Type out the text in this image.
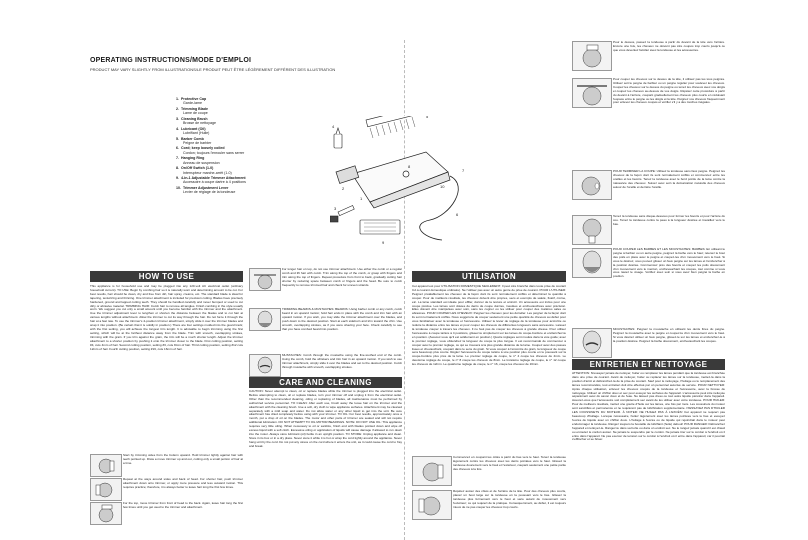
OPERATING INSTRUCTIONS/MODE D'EMPLOI
PRODUCT MAY VARY SLIGHTLY FROM ILLUSTRATIONS/LE PRODUIT PEUT ÊTRE LÉGÈREMENT DIFFÉRENT DES ILLUSTRATION
1. Protective Cap
Garde-lame
2. Trimming Blade
Lame de coupe
3. Cleaning Brush
Brosse de nettoyage
4. Lubricant (Oil)
Lubrifiant (Huile)
5. Barber Comb
Peigne de barbier
6. Cord; keep loosely coiled
Cordon; toujours l'enrouler sans serrer
7. Hanging Ring
Anneau de suspension
8. On/Off Switch (1-0)
Interrupteur marche-arrêt (1-0)
9. 4-in-1 Adjustable Trimmer Attachment
Accessoire à coupe dartre à 4 positions
10. Trimmer Adjustment Lever
Levier de réglage de la tondeuse
1
2
3
4
5
6
7
8
9
10
HOW TO USE
This appliance is for household use and may be plugged into any 120-volt AC electrical outlet (ordinary household current). TO USE: Begin by combing hair so it is naturally worn and determining amount to be cut. For best results, hair should be clean, dry and free from dirt, hair spray, creams, etc. The standard blade is ideal for tapering, texturizing and thinning. One trimmer attachment is included for precision cutting. Blades have precisely hardened, ground and lapped cutting teeth. They should be handled carefully and never bumped or used to cut dirty or abrasive material. TRIMMING HAIR: Comb hair to remove all tangles. Finish combing in the style usually worn. We suggest you cut only a small amount until you become familiar with the trimmer and the attachment. Use the trimmer adjustment lever to lengthen or shorten the distance between the blades and to cut hair at various lengths without attachment. Allow the trimmer to cut its way through the hair. Do not force it through the hair at a fast rate. To use the trimmer's 4-position trimmer attachment, simply slide it over the trimmer blades and snap it into position. (Be certain that it is solidly in position.) There are four settings molded into the guard track; with the first setting, you will achieve the longest trim length. It is advisable to begin trimming using the first setting, which will be at the farthest distance away from the blade. Trim with smooth, overlapping strokes, trimming with the grain. If you trim against the grain, the trim will be a much shorter length. Adjust the trimmer attachment to a shorter position by pushing it onto the trimmer closer to the blade. First cutting position, setting #4, cuts 4mm of hair. Second cutting position, setting #3, cuts 8mm of hair. Third cutting position, setting #12 cuts 12mm of hair. Fourth cutting position, setting #16, cuts 16mm of hair.
Start by trimming sides from the bottom upward. Hold trimmer lightly against hair with teeth pointed up. Draw a move trimmer up and out, cutting only a small portion of hair at a time.
Repeat at the ways around sides and back of head. For shorter hair, push trimmer attachment down onto trimmer, or apply more pressure and less outward motion. This requires practice; therefore, it is always better to leave hair long the first few times.
For the top, move trimmer from front of head to the back. Again, leave hair long the first few times until you get used to the trimmer and attachment.
For longer hair on top, do not use trimmer attachment. Use either the comb or a regular comb and lift hair with comb. Trim along the top of the comb, or grasp with fingers and trim along the top of fingers. Repeat procedure from front to back, gradually cutting hair shorter by reducing space between comb or fingers and the head. Be sure to comb frequently to remove trimmed hair and check for uneven strands.
TRIMMING BEARDS & MUSTACHES: BEARDS: Using barber comb or any comb, comb beard in an upward motion; hold hair ends in place with the comb and trim hair with an upward motion. If you wish, you may slide the trimmer attachment over the blades, and push down to the desired position. Start at each sideburn and trim toward the chin. Use smooth, overlapping strokes, as if you were shaving your face. Check carefully to see that you have combed beard into position.
MUSTACHES: Comb through the mustache using the fine-toothed end of the comb. Using the comb, hold the whiskers and trim hair in an upward motion. If you wish to use trimmer attachment, simply slide it over the blades and set to the desired position. Comb through mustache with smooth, overlapping strokes.
CARE AND CLEANING
CAUTION: Never attempt to clean, oil or replace blades while the trimmer is plugged into the electrical outlet. Before attempting to clean, oil or replace blades, turn your trimmer off and unplug it from the electrical outlet. Other than the recommended cleaning, oiling or replacing of blades, all maintenance must be performed by authorized service personnel. TO CLEAN: After each use, brush away the loose hair on the trimmer and the attachment with the cleaning brush. Use a soft, dry cloth to wipe appliance surfaces. Attachment may be cleaned separately with a mild soap and water. Do not allow water or any other liquid to get into the unit. Be sure attachment has dried completely before using with your trimmer. TO OIL: For best results, approximately once a month, put a drop of oil on the blades. The motor and other parts of trimmer are sealed and will not require additional lubrication. DO NOT ATTEMPT TO OIL MOTOR BEARINGS. NOTE: DO NOT USE OIL: This appliance requires very little oiling. When necessary to oil or sanitize, finish end with blades pointed down and wipe off excess liquid with a soft cloth. Excessive oiling or application of liquids will cause damage if allowed to run down into the motor. Always store lubricant (oil) bottle in an upright position. TO STORE: Unplug appliance and clean. Store in its box or in a dry place. Never store it while it is hot or wrap the cord tightly around the appliance. Never hang unit by the cord. Do not put any stress on the cord where it enters the unit, as it could cause the cord to fray and break.
UTILISATION
Cet appareil est pour UTILISATION DOMESTIQUE SEULEMENT. Il peut être branché dans toute prise de courant CA à courant domestique ordinaire). Ne l'utiliser pas avec un autre genre de prise de courant. POUR L'UTILISER: Peignez préalablement les cheveux de la façon dont ils sont normalement coiffés et déterminez la quantité à couper. Pour de meilleurs résultats, les cheveux doivent être propres, secs et exempts de saleté, fixatif, crème, etc. La lame standard est idéale pour effiler, donner de la texture et amincir. Un accessoire est inclus pour une coupe précise. Les lames sont dotées de dents de coupe durcies, meulées et enchevauchées avec précision. Elles doivent être manipulées avec soin, sans les cogner ou les utiliser pour couper des matières sales ou abrasives. POUR COUPER LES CHEVEUX: Peignez les cheveux pour les démêler. Les peigner de la façon dont ils sont normalement coiffés. Nous suggérons de couper seulement une petite quantité de cheveux au début pour vous familiariser avec la tondeuse et l'accessoire. Utilisez le levier de réglage de la tondeuse pour accroître ou réduire la distance entre les lames et pour couper les cheveux de différentes longueurs sans accessoire. Laissez la tondeuse couper à travers les cheveux. Il ne faut pas de couper les cheveux à grande vitesse. Pour utiliser l'accessoire à coupe tarière à 4 positions, glissez-le simplement sur les lames du coupe-bordure et enclenchez-le en position. (Assurez-vous qu'il est solidement en position.) Quatre réglages sont moulés dans la voie guide; avec le premier réglage, vous obtiendrez la longueur de coupe la plus longue. Il est recommandé de commencer à couper avec le premier réglage, ce qui se trouvera à la plus grande distance de la lame. Coupez avec des passes lisses et chevauchant, coupant dans le sens du grain. Si vous coupez à l'encontre du grain, la longueur de coupe sera beaucoup plus courte. Réglez l'accessoire de coupe tarière à une position plus courte en le poussant sur la coupe-bordure plus près de la lame. Le premier réglage de coupe, le n° 4 coupe les cheveux de 4mm. Le deuxième réglage de coupe, le n° 8 coupe les cheveux de 8mm. Le troisième réglage de coupe, le n° 12 coupe les cheveux de 12mm. Le quatrième réglage de coupe, le n° 16, coupe les cheveux de 16mm.
Commencez en coupant les côtés à partir du bas vers le haut. Tenez la tondeuse légèrement contre les cheveux avec les dents pointées vers le haut. Glissez la tondeuse doucement vers le haut et l'extérieur, coupant seulement une petite partie des cheveux à la fois.
Répétez autour des côtés et de l'arrière de la tête. Pour des cheveux plus courts, placez un bout large sur la tondeuse en la poussant vers le bas. Glissez la tondeuse plus fermement vers le haut et sans autant de mouvement vers l'extérieur; ce qui requiert de la pratique. Conséquemment, au début, il est toujours mieux de ne pas couper les cheveux trop courts.
Pour le dessus, passez la tondeuse à partir du devant de la tête vers l'arrière. Encore une fois, les cheveux ne doivent pas être coupés trop courts jusqu'à ce que vous deveniez familier avec la tondeuse et les accessoires.
Pour couper les cheveux sur le dessus de la tête, il utilisez pas les tous peignés. Utilisez soit le peigne de barbier ou un peigne régulier pour soulever les cheveux. Coupez les cheveux sur le dessus du peigne ou tenez les cheveux avec vos doigts et coupez les cheveux au-dessus de vos doigts. Répétez cette procédure à partir du devant à l'arrière, coupant graduellement les cheveux plus courts en réduisant l'espace entre le peigne ou les doigts et la tête. Peignez vos cheveux fréquemment pour enlever les cheveux coupés et vérifier s'il y a des mèches inégales.
POUR TERMINER LA COUPE: Utilisez la tondeuse sans faux peigne. Peignez les cheveux de la façon dont ils sont normalement coiffés et commencez entre les oreilles et les favoris. Tenez la tondeuse avec le bord pointu de la lame contre la naissance des cheveux. Suivez avec soin la démarcation naturelle des cheveux autour de l'oreille et derrière l'oreille.
Tenez la tondeuse sans disque-dessous pour former les favoris et pour l'arrière du cou. Tenez la tondeuse contre la peau à la longueur désirée et travaillez vers le bas.
POUR COUPER LES BARBES ET LES MOUSTACHES: BARBES: En utilisant le peigne à barbier ou un autre peigne, peignez la barbe vers le haut; retenez le bout des poils en place avec le peigne et coupez-les d'un mouvement vers le haut. Si vous le désirez, vous pouvez glisser un faux peigne sur les lames et l'enclencher à la position désirée. Commencez près des favoris et coupez les poils doucement d'un mouvement vers le menton, enchevauchant les coupes, tout comme si vous vous rasiez le visage. Vérifiez avec soin si vous avez bien peigné la barbe en position.
MOUSTACHES: Peignez la moustache en utilisant les dents fines du peigne. Peignez la moustache avec le peigne et coupez-la d'un mouvement vers le haut. Si vous désirez utiliser un faux peigne, glissez-le sur les lames et enclenchez-le à la position désirée. Peignez la barbe doucement, enchevauchant les coupes.
ENTRETIEN ET NETTOYAGE
ATTENTION: N'essayez jamais de nettoyer, huiler ou remplacer les lames pendant que la tondeuse est branchée dans une prise de courant. Avant de nettoyer, huiler ou replacer les lames sur la tondeuse, mettez-la dans la position d'arrêt et débranchez-la de la prise de courant. Sauf pour le nettoyage, l'huilage ou le remplacement des lames recommandés, tout entretien doit être effectué par un personnel autorisé de service. POUR NETTOYER: Après chaque utilisation, enlevez les cheveux coupés de la tondeuse et l'accessoire, avec la brosse de nettoyage. Utilisez un chiffon doux et sec pour essuyer les surfaces de l'appareil. L'accessoire peut être nettoyée séparément avec du savon doux et de l'eau. Ne laissez pas d'eau ou tout autre liquide pénétrer dans l'appareil. Assurez-vous que l'accessoire soit complètement sec avant de les utiliser avec votre tondeuse. POUR HUILER: Pour de meilleurs résultats, mettez une goutte d'huile sur les lames, une fois par mois. Les coussinets du moteur sont sanctifiés et permanence et ne requièrent pas de lubrification supplémentaire. N'ESSAYEZ PAS D'HUILER LES COUSSINETS DU MOTEUR. À NOTER: NE HUILEZ PAS À L'EXCÈS! Cet appareil ne requiert pas beaucoup d'huilage. Lorsque nécessaire, huilez légèrement avec les lames pointées vers le bas et essuyez l'excès de liquide avec un chiffon doux. L'huilage à l'excès ou de liquide qui rejoindrait dans le moteur peut endommager la tondeuse. Rangez toujours la bouteille de lubrifiant (huile) debout! POUR RANGER: Débranchez l'appareil et nettoyez-le. Rangez-le dans sa boîte ou dans un endroit sec. Ne le rangez jamais quand il est chaud ou enroulez le cordon autour. Ne jamais le suspendre par le cordon. Ne jamais tirer sur le cordon à l'endroit où il entre dans l'appareil. Ne pas exercer de tension sur le cordon à l'endroit où il entre dans l'appareil, car il pourrait s'effilocher et se briser.
